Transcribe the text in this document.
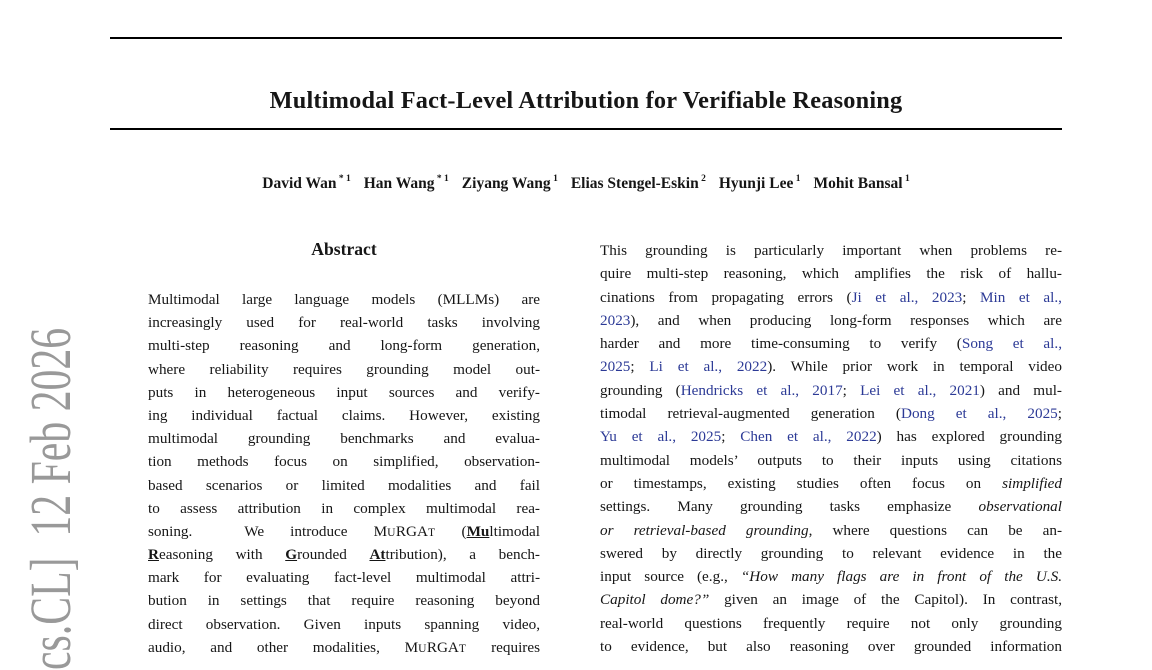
cs.CL]  12 Feb 2026
Multimodal Fact-Level Attribution for Verifiable Reasoning
David Wan $^{* 1}$ Han Wang $^{* 1}$ Ziyang Wang $^1$ Elias Stengel-Eskin $^2$ Hyunji Lee $^1$ Mohit Bansal $^1$
Abstract
Multimodal large language models (MLLMs) are
increasingly used for real-world tasks involving
multi-step reasoning and long-form generation,
where reliability requires grounding model out-
puts in heterogeneous input sources and verify-
ing individual factual claims. However, existing
multimodal grounding benchmarks and evalua-
tion methods focus on simplified, observation-
based scenarios or limited modalities and fail
to assess attribution in complex multimodal rea-
soning.  We introduce MURGAT (Multimodal
Reasoning with Grounded Attribution), a bench-
mark for evaluating fact-level multimodal attri-
bution in settings that require reasoning beyond
direct observation. Given inputs spanning video,
audio, and other modalities, MURGAT requires
This grounding is particularly important when problems re-
quire multi-step reasoning, which amplifies the risk of hallu-
cinations from propagating errors (Ji et al., 2023; Min et al.,
2023), and when producing long-form responses which are
harder and more time-consuming to verify (Song et al.,
2025; Li et al., 2022). While prior work in temporal video
grounding (Hendricks et al., 2017; Lei et al., 2021) and mul-
timodal retrieval-augmented generation (Dong et al., 2025;
Yu et al., 2025; Chen et al., 2022) has explored grounding
multimodal models’ outputs to their inputs using citations
or timestamps, existing studies often focus on simplified
settings. Many grounding tasks emphasize observational
or retrieval-based grounding, where questions can be an-
swered by directly grounding to relevant evidence in the
input source (e.g., “How many flags are in front of the U.S.
Capitol dome?” given an image of the Capitol). In contrast,
real-world questions frequently require not only grounding
to evidence, but also reasoning over grounded information
